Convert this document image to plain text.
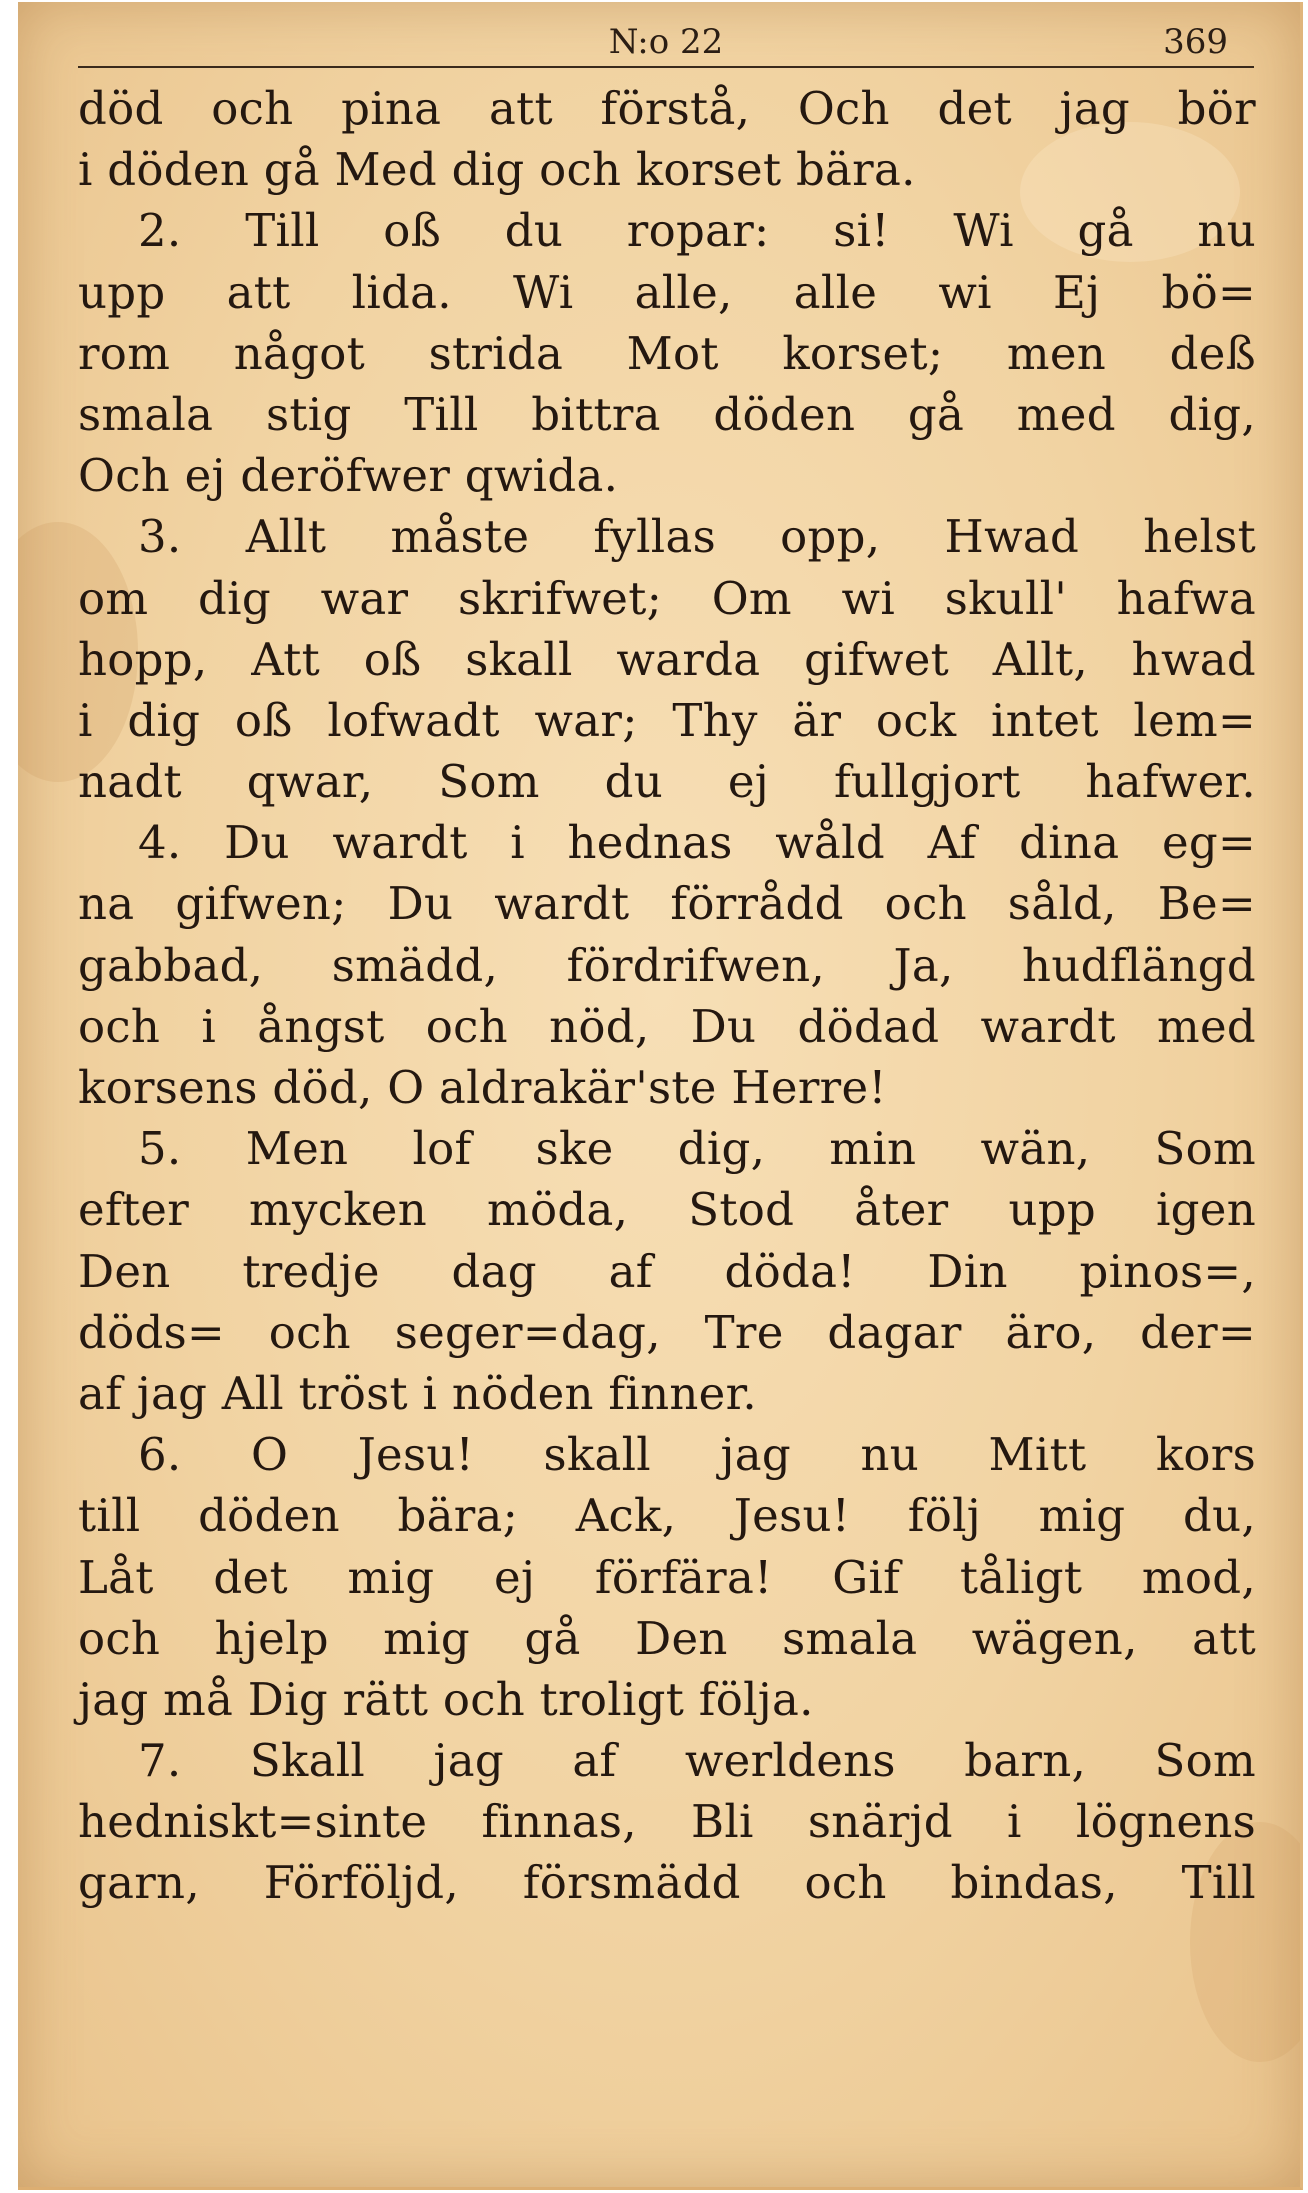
N:o 22	369
död och pina att förstå, Och det jag bör
i döden gå Med dig och korset bära.
2. Till oß du ropar: si! Wi gå nu
upp att lida. Wi alle, alle wi Ej bö=
rom något strida Mot korset; men deß
smala stig Till bittra döden gå med dig,
Och ej deröfwer qwida.
3. Allt måste fyllas opp, Hwad helst
om dig war skrifwet; Om wi skull' hafwa
hopp, Att oß skall warda gifwet Allt, hwad
i dig oß lofwadt war; Thy är ock intet lem=
nadt qwar, Som du ej fullgjort hafwer.
4. Du wardt i hednas wåld Af dina eg=
na gifwen; Du wardt förrådd och såld, Be=
gabbad, smädd, fördrifwen, Ja, hudflängd
och i ångst och nöd, Du dödad wardt med
korsens död, O aldrakär'ste Herre!
5. Men lof ske dig, min wän, Som
efter mycken möda, Stod åter upp igen
Den tredje dag af döda! Din pinos=,
döds= och seger=dag, Tre dagar äro, der=
af jag All tröst i nöden finner.
6. O Jesu! skall jag nu Mitt kors
till döden bära; Ack, Jesu! följ mig du,
Låt det mig ej förfära! Gif tåligt mod,
och hjelp mig gå Den smala wägen, att
jag må Dig rätt och troligt följa.
7. Skall jag af werldens barn, Som
hedniskt=sinte finnas, Bli snärjd i lögnens
garn, Förföljd, försmädd och bindas, Till
